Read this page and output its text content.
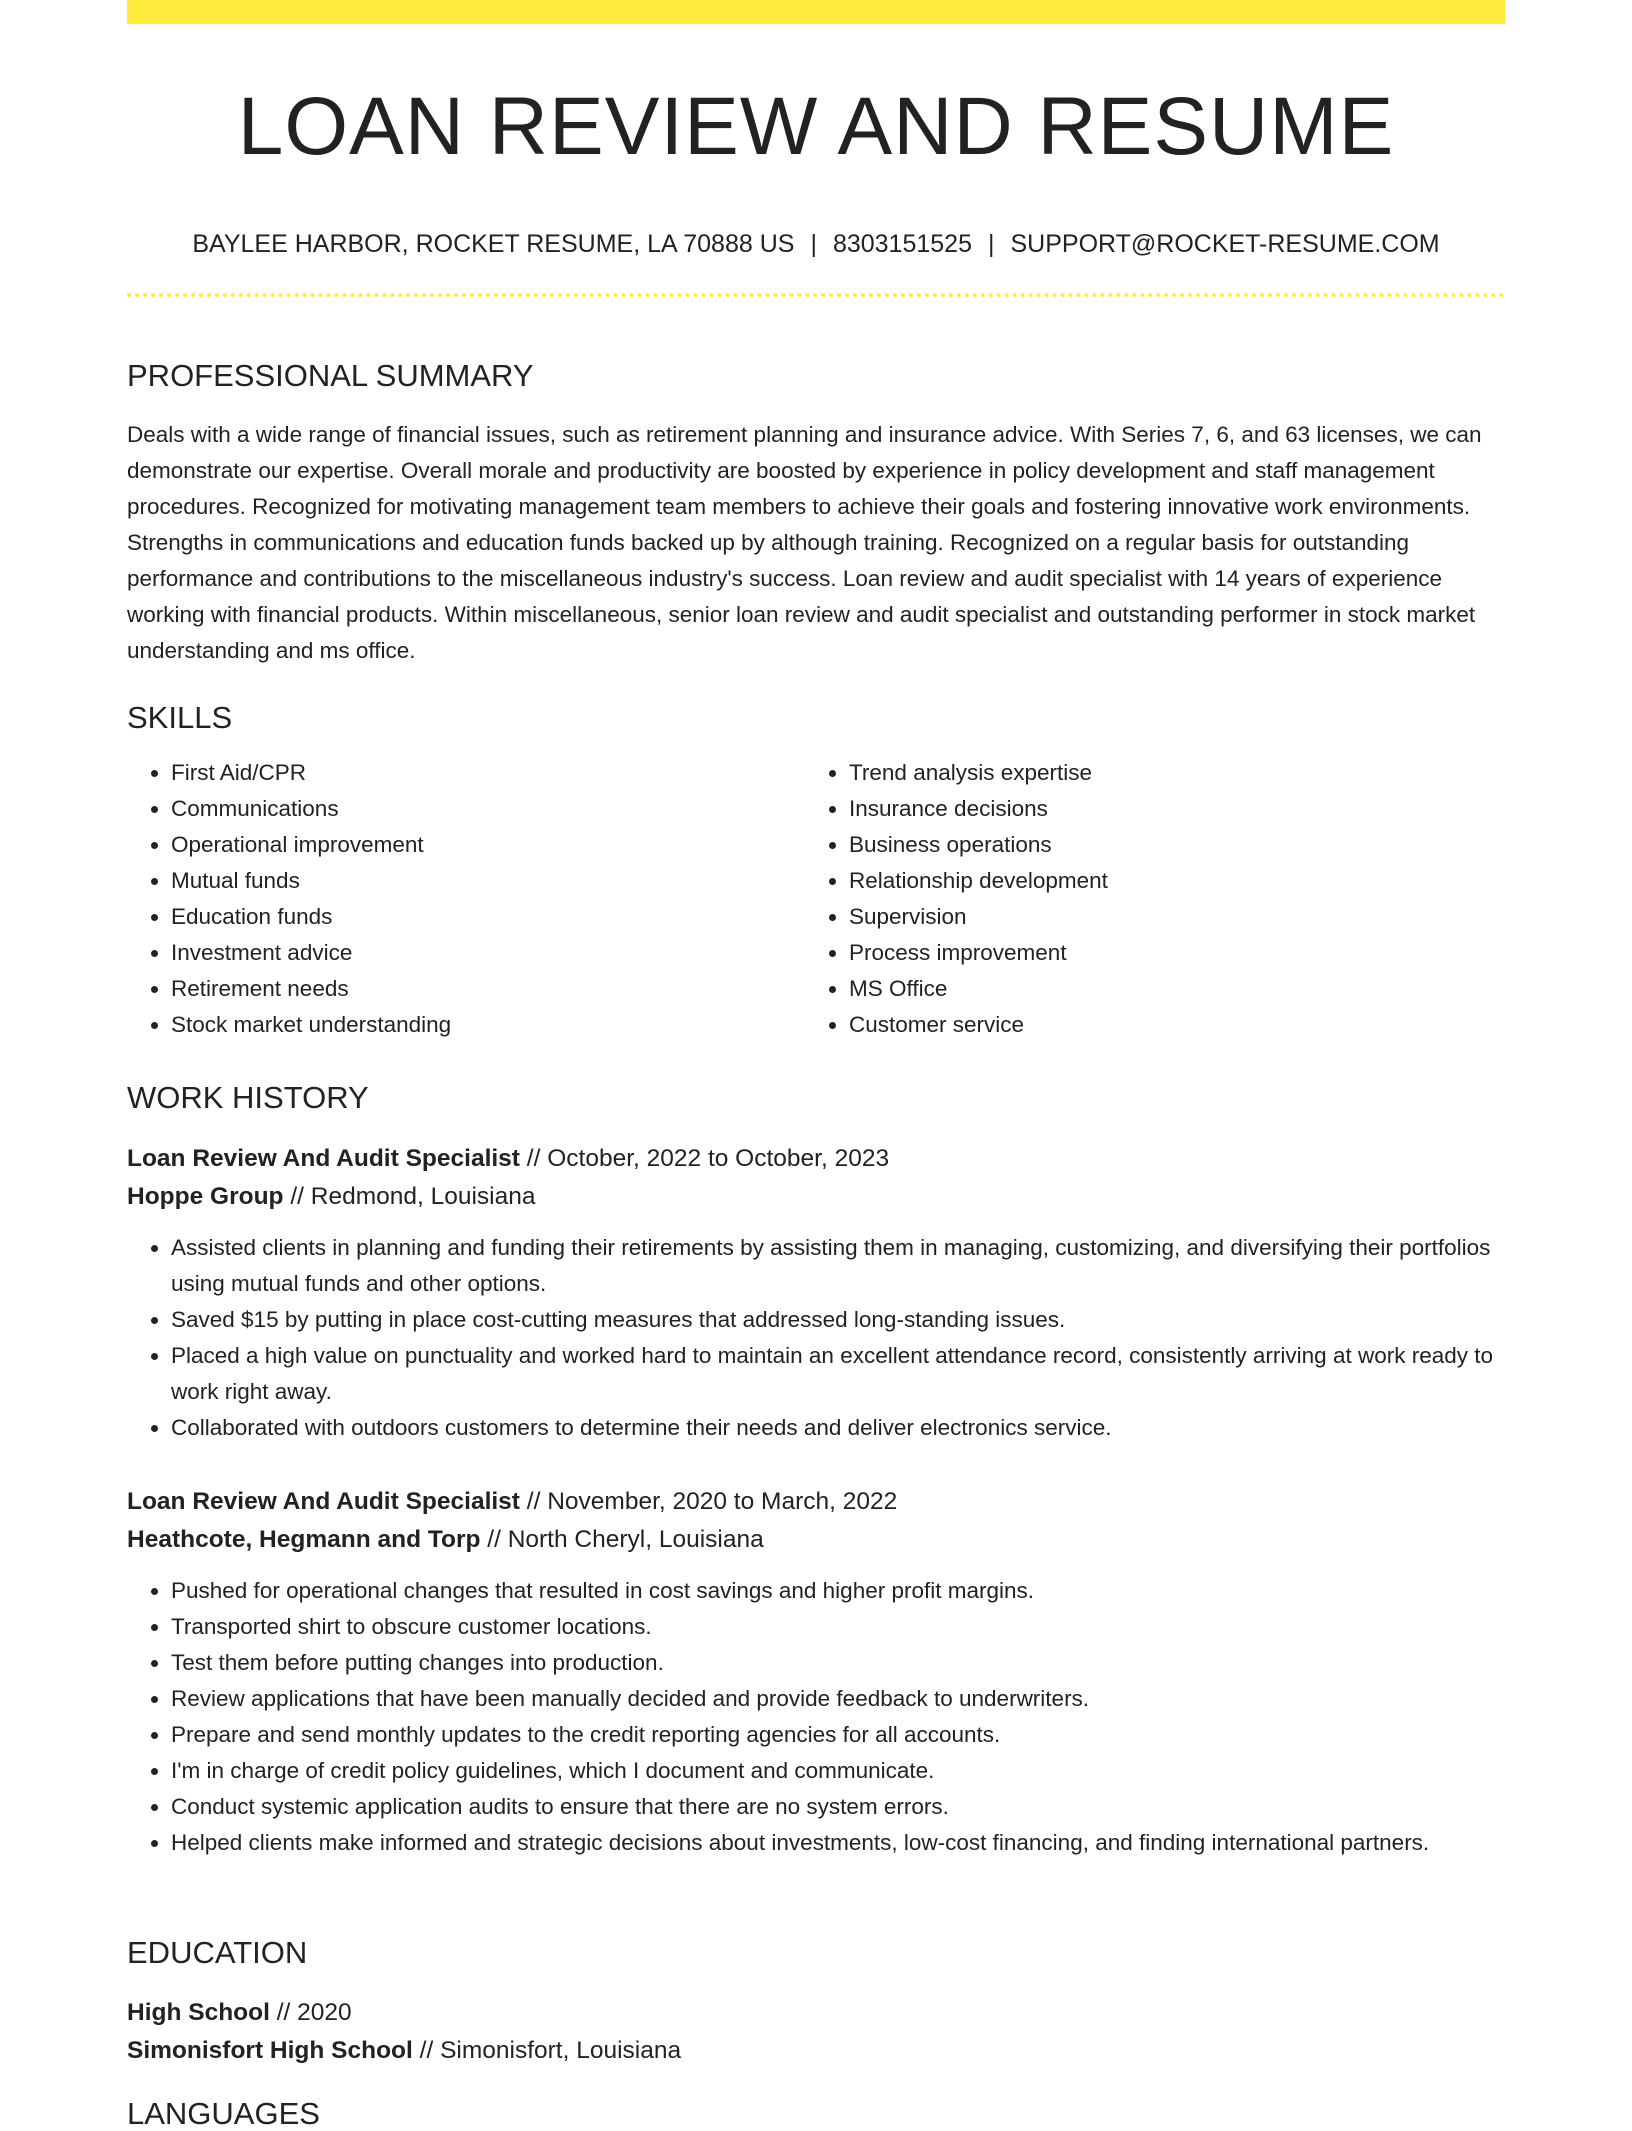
LOAN REVIEW AND RESUME
BAYLEE HARBOR, ROCKET RESUME, LA 70888 US | 8303151525 | SUPPORT@ROCKET-RESUME.COM
PROFESSIONAL SUMMARY

Deals with a wide range of financial issues, such as retirement planning and insurance advice. With Series 7, 6, and 63 licenses, we can demonstrate our expertise. Overall morale and productivity are boosted by experience in policy development and staff management procedures. Recognized for motivating management team members to achieve their goals and fostering innovative work environments. Strengths in communications and education funds backed up by although training. Recognized on a regular basis for outstanding performance and contributions to the miscellaneous industry's success. Loan review and audit specialist with 14 years of experience working with financial products. Within miscellaneous, senior loan review and audit specialist and outstanding performer in stock market understanding and ms office.

SKILLS
• First Aid/CPR
• Communications
• Operational improvement
• Mutual funds
• Education funds
• Investment advice
• Retirement needs
• Stock market understanding
• Trend analysis expertise
• Insurance decisions
• Business operations
• Relationship development
• Supervision
• Process improvement
• MS Office
• Customer service
WORK HISTORY
Loan Review And Audit Specialist // October, 2022 to October, 2023
Hoppe Group // Redmond, Louisiana
• Assisted clients in planning and funding their retirements by assisting them in managing, customizing, and diversifying their portfolios using mutual funds and other options.
• Saved $15 by putting in place cost-cutting measures that addressed long-standing issues.
• Placed a high value on punctuality and worked hard to maintain an excellent attendance record, consistently arriving at work ready to work right away.
• Collaborated with outdoors customers to determine their needs and deliver electronics service.
Loan Review And Audit Specialist // November, 2020 to March, 2022
Heathcote, Hegmann and Torp // North Cheryl, Louisiana
• Pushed for operational changes that resulted in cost savings and higher profit margins.
• Transported shirt to obscure customer locations.
• Test them before putting changes into production.
• Review applications that have been manually decided and provide feedback to underwriters.
• Prepare and send monthly updates to the credit reporting agencies for all accounts.
• I'm in charge of credit policy guidelines, which I document and communicate.
• Conduct systemic application audits to ensure that there are no system errors.
• Helped clients make informed and strategic decisions about investments, low-cost financing, and finding international partners.
EDUCATION
High School // 2020
Simonisfort High School // Simonisfort, Louisiana
LANGUAGES
